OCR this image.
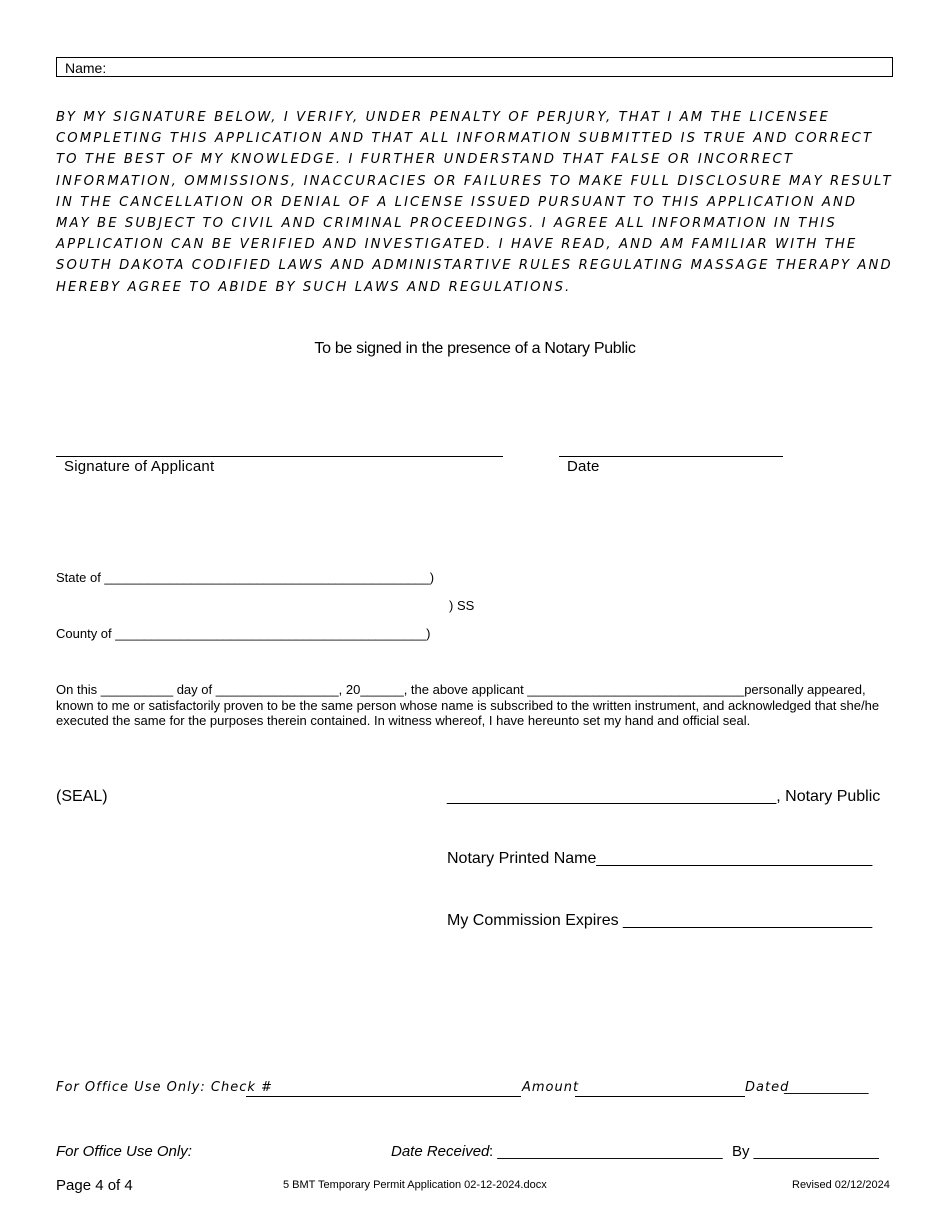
Name:
BY MY SIGNATURE BELOW, I VERIFY, UNDER PENALTY OF PERJURY, THAT I AM THE LICENSEE COMPLETING THIS APPLICATION AND THAT ALL INFORMATION SUBMITTED IS TRUE AND CORRECT TO THE BEST OF MY KNOWLEDGE. I FURTHER UNDERSTAND THAT FALSE OR INCORRECT INFORMATION, OMMISSIONS, INACCURACIES OR FAILURES TO MAKE FULL DISCLOSURE MAY RESULT IN THE CANCELLATION OR DENIAL OF A LICENSE ISSUED PURSUANT TO THIS APPLICATION AND MAY BE SUBJECT TO CIVIL AND CRIMINAL PROCEEDINGS. I AGREE ALL INFORMATION IN THIS APPLICATION CAN BE VERIFIED AND INVESTIGATED. I HAVE READ, AND AM FAMILIAR WITH THE SOUTH DAKOTA CODIFIED LAWS AND ADMINISTARTIVE RULES REGULATING MASSAGE THERAPY AND HEREBY AGREE TO ABIDE BY SUCH LAWS AND REGULATIONS.
To be signed in the presence of a Notary Public
Signature of Applicant	Date
State of _____________________________________________)
) SS
County of ___________________________________________)
On this __________ day of _________________, 20______, the above applicant ______________________________personally appeared, known to me or satisfactorily proven to be the same person whose name is subscribed to the written instrument, and acknowledged that she/he executed the same for the purposes therein contained. In witness whereof, I have hereunto set my hand and official seal.
(SEAL)	_____________________________________, Notary Public
Notary Printed Name_______________________________
My Commission Expires ____________________________
For Office Use Only: Check #	Amount	Dated
_____________
For Office Use Only:	Date Received : ___________________________ By _______________
Page 4 of 4	5 BMT Temporary Permit Application 02-12-2024.docx	Revised 02/12/2024
